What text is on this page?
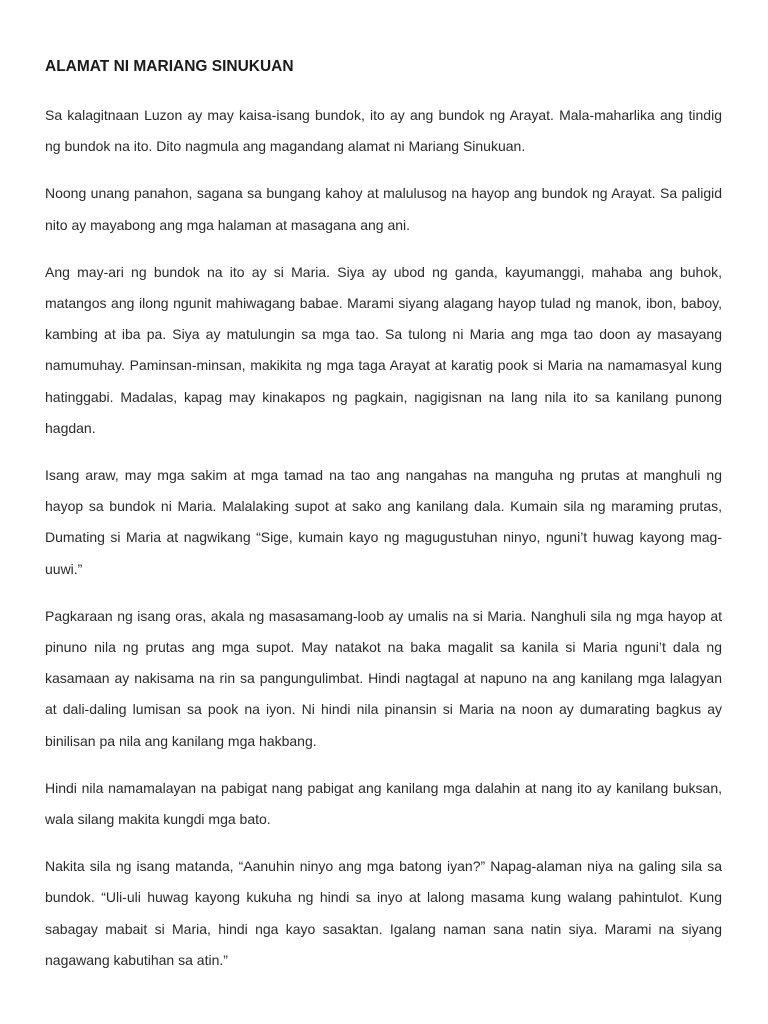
ALAMAT NI MARIANG SINUKUAN

Sa kalagitnaan Luzon ay may kaisa-isang bundok, ito ay ang bundok ng Arayat. Mala-maharlika ang tindig ng bundok na ito. Dito nagmula ang magandang alamat ni Mariang Sinukuan.

Noong unang panahon, sagana sa bungang kahoy at malulusog na hayop ang bundok ng Arayat. Sa paligid nito ay mayabong ang mga halaman at masagana ang ani.

Ang may-ari ng bundok na ito ay si Maria. Siya ay ubod ng ganda, kayumanggi, mahaba ang buhok, matangos ang ilong ngunit mahiwagang babae. Marami siyang alagang hayop tulad ng manok, ibon, baboy, kambing at iba pa. Siya ay matulungin sa mga tao. Sa tulong ni Maria ang mga tao doon ay masayang namumuhay. Paminsan-minsan, makikita ng mga taga Arayat at karatig pook si Maria na namamasyal kung hatinggabi. Madalas, kapag may kinakapos ng pagkain, nagigisnan na lang nila ito sa kanilang punong hagdan.

Isang araw, may mga sakim at mga tamad na tao ang nangahas na manguha ng prutas at manghuli ng hayop sa bundok ni Maria. Malalaking supot at sako ang kanilang dala. Kumain sila ng maraming prutas, Dumating si Maria at nagwikang “Sige, kumain kayo ng magugustuhan ninyo, nguni’t huwag kayong mag-uuwi.”

Pagkaraan ng isang oras, akala ng masasamang-loob ay umalis na si Maria. Nanghuli sila ng mga hayop at pinuno nila ng prutas ang mga supot. May natakot na baka magalit sa kanila si Maria nguni’t dala ng kasamaan ay nakisama na rin sa pangungulimbat. Hindi nagtagal at napuno na ang kanilang mga lalagyan at dali-daling lumisan sa pook na iyon. Ni hindi nila pinansin si Maria na noon ay dumarating bagkus ay binilisan pa nila ang kanilang mga hakbang.

Hindi nila namamalayan na pabigat nang pabigat ang kanilang mga dalahin at nang ito ay kanilang buksan, wala silang makita kungdi mga bato.

Nakita sila ng isang matanda, “Aanuhin ninyo ang mga batong iyan?” Napag-alaman niya na galing sila sa bundok. “Uli-uli huwag kayong kukuha ng hindi sa inyo at lalong masama kung walang pahintulot. Kung sabagay mabait si Maria, hindi nga kayo sasaktan. Igalang naman sana natin siya. Marami na siyang nagawang kabutihan sa atin.”
